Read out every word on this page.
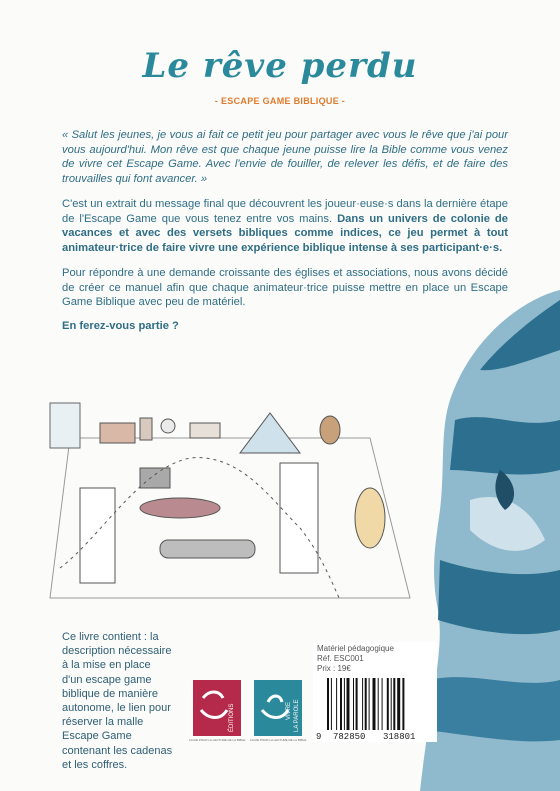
Le rêve perdu
- ESCAPE GAME BIBLIQUE -
« Salut les jeunes, je vous ai fait ce petit jeu pour partager avec vous le rêve que j'ai pour vous aujourd'hui. Mon rêve est que chaque jeune puisse lire la Bible comme vous venez de vivre cet Escape Game. Avec l'envie de fouiller, de relever les défis, et de faire des trouvailles qui font avancer. »
C'est un extrait du message final que découvrent les joueur·euse·s dans la dernière étape de l'Escape Game que vous tenez entre vos mains. Dans un univers de colonie de vacances et avec des versets bibliques comme indices, ce jeu permet à tout animateur·trice de faire vivre une expérience biblique intense à ses participant·e·s.
Pour répondre à une demande croissante des églises et associations, nous avons décidé de créer ce manuel afin que chaque animateur·trice puisse mettre en place un Escape Game Biblique avec peu de matériel.
En ferez-vous partie ?
Ce livre contient : la description nécessaire à la mise en place d'un escape game biblique de manière autonome, le lien pour réserver la malle Escape Game contenant les cadenas et les coffres.
ÉDITIONS
LIGUE POUR LA LECTURE DE LA BIBLE
VIVRE LA PAROLE
LIGUE POUR LA LECTURE DE LA BIBLE
Matériel pédagogique
Réf. ESC001
Prix : 19€
9 782850 318801
